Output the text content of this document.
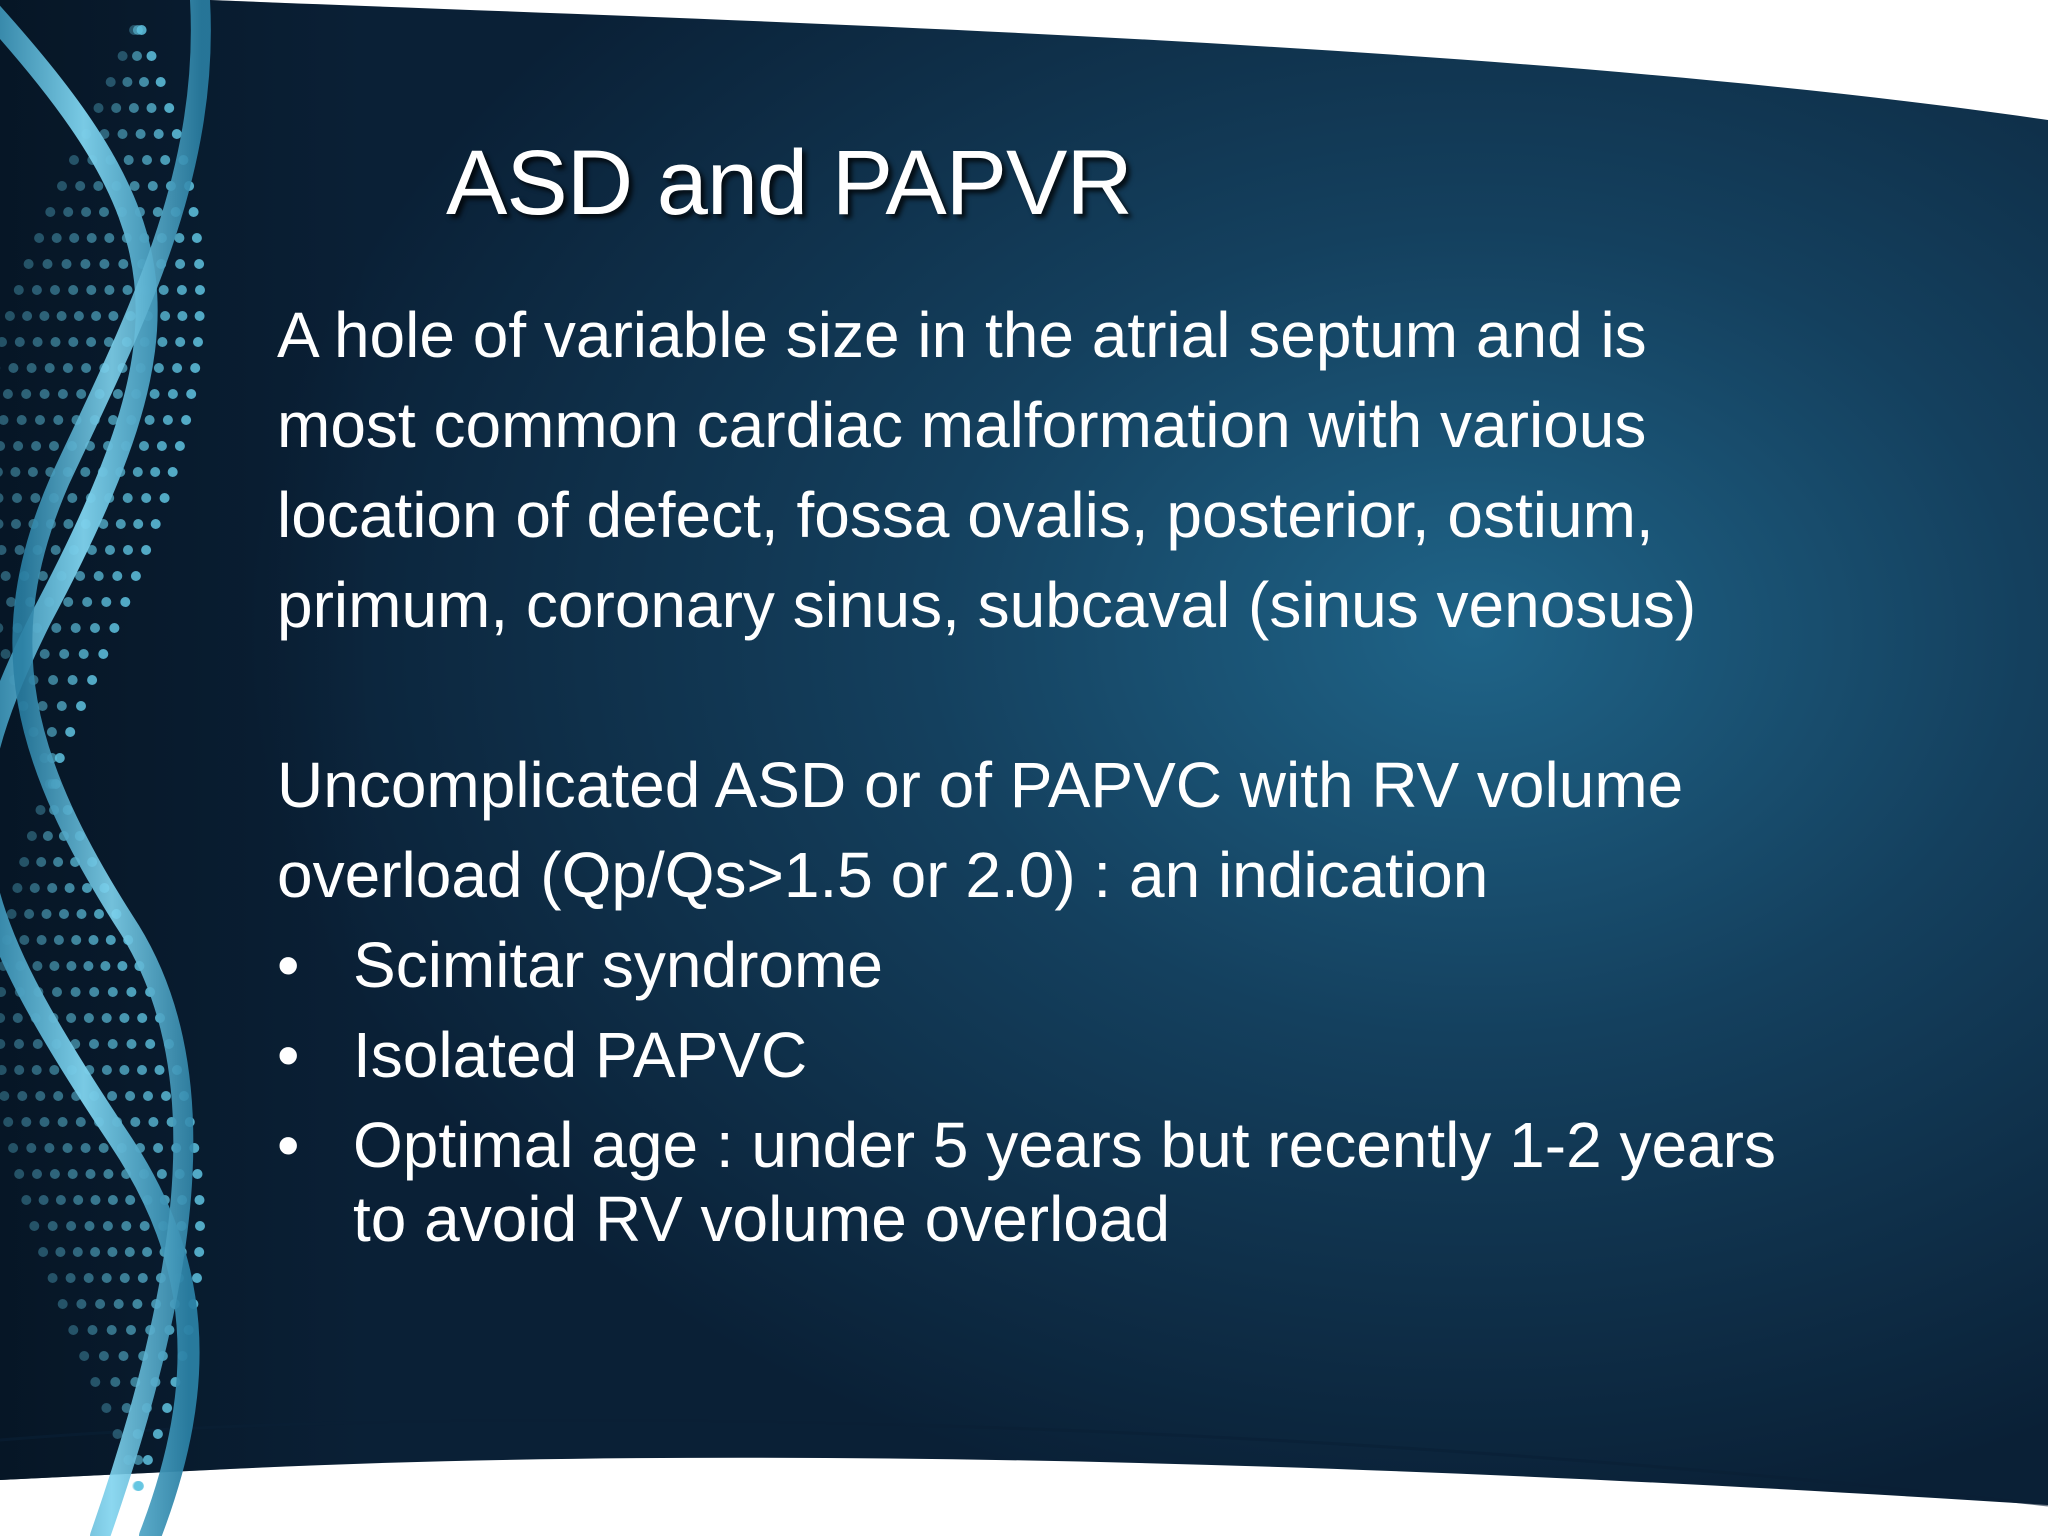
ASD and PAPVR

A hole of variable size in the atrial septum and is
most common cardiac malformation with various
location of defect, fossa ovalis, posterior, ostium,
primum, coronary sinus, subcaval (sinus venosus)

Uncomplicated ASD or of PAPVC with RV volume
overload (Qp/Qs>1.5 or 2.0) : an indication

• Scimitar syndrome
• Isolated PAPVC
• Optimal age : under 5 years but recently 1-2 years
to avoid RV volume overload
